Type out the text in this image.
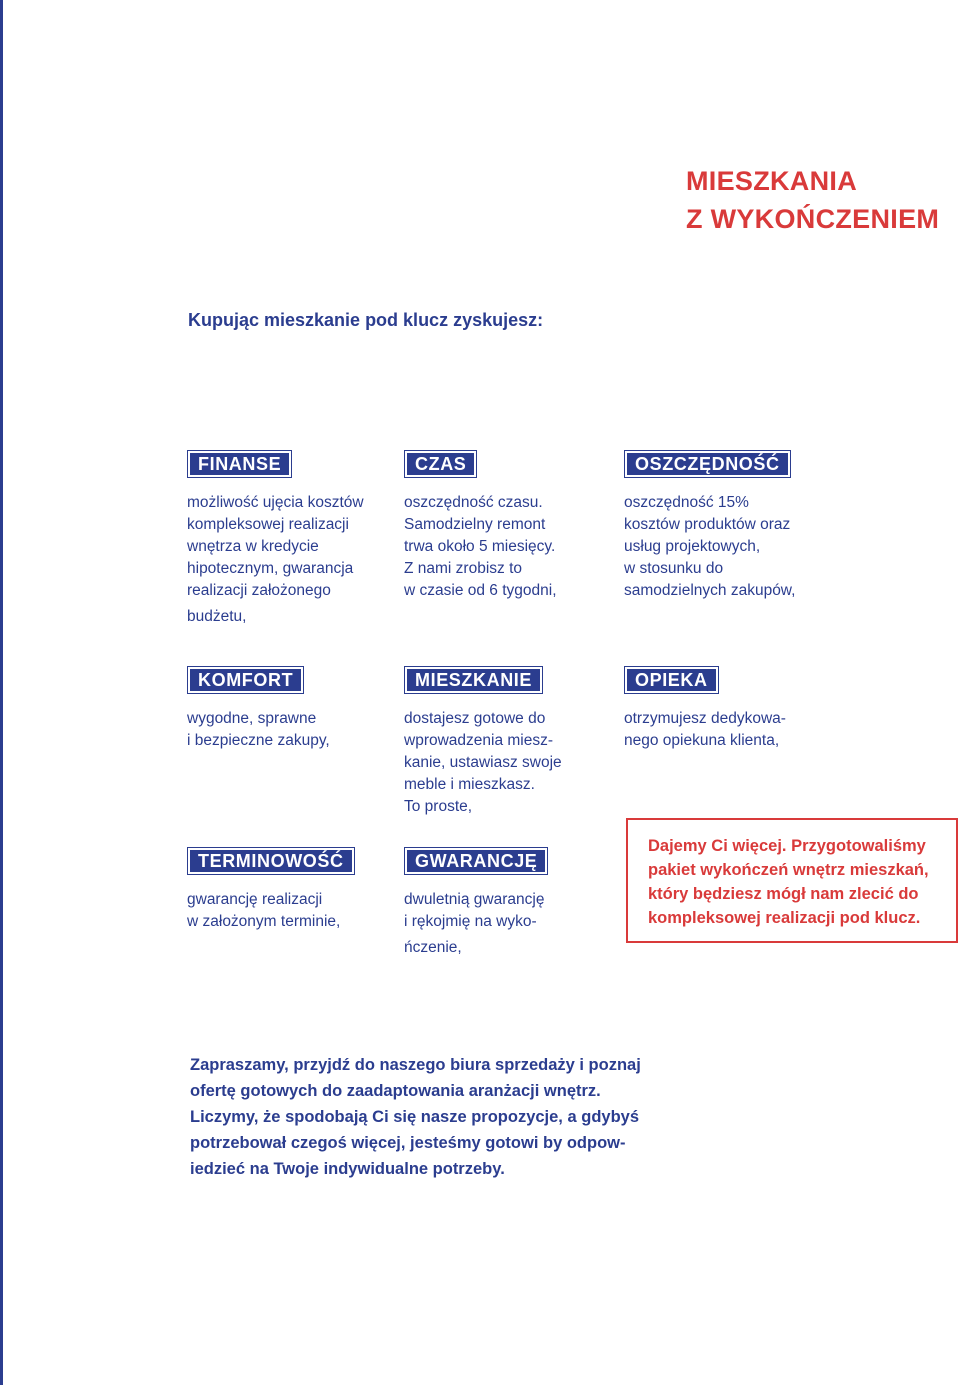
MIESZKANIA
Z WYKOŃCZENIEM

Kupując mieszkanie pod klucz zyskujesz:

FINANSE
możliwość ujęcia kosztów
kompleksowej realizacji
wnętrza w kredycie
hipotecznym, gwarancja
realizacji założonego
budżetu,
CZAS
oszczędność czasu.
Samodzielny remont
trwa około 5 miesięcy.
Z nami zrobisz to
w czasie od 6 tygodni,
OSZCZĘDNOŚĆ
oszczędność 15%
kosztów produktów oraz
usług projektowych,
w stosunku do
samodzielnych zakupów,
KOMFORT
wygodne, sprawne
i bezpieczne zakupy,
MIESZKANIE
dostajesz gotowe do
wprowadzenia miesz-
kanie, ustawiasz swoje
meble i mieszkasz.
To proste,
OPIEKA
otrzymujesz dedykowa-
nego opiekuna klienta,
TERMINOWOŚĆ
gwarancję realizacji
w założonym terminie,
GWARANCJĘ
dwuletnią gwarancję
i rękojmię na wyko-
ńczenie,
Dajemy Ci więcej. Przygotowaliśmy
pakiet wykończeń wnętrz mieszkań,
który będziesz mógł nam zlecić do
kompleksowej realizacji pod klucz.

Zapraszamy, przyjdź do naszego biura sprzedaży i poznaj
ofertę gotowych do zaadaptowania aranżacji wnętrz.
Liczymy, że spodobają Ci się nasze propozycje, a gdybyś
potrzebował czegoś więcej, jesteśmy gotowi by odpow-
iedzieć na Twoje indywidualne potrzeby.
